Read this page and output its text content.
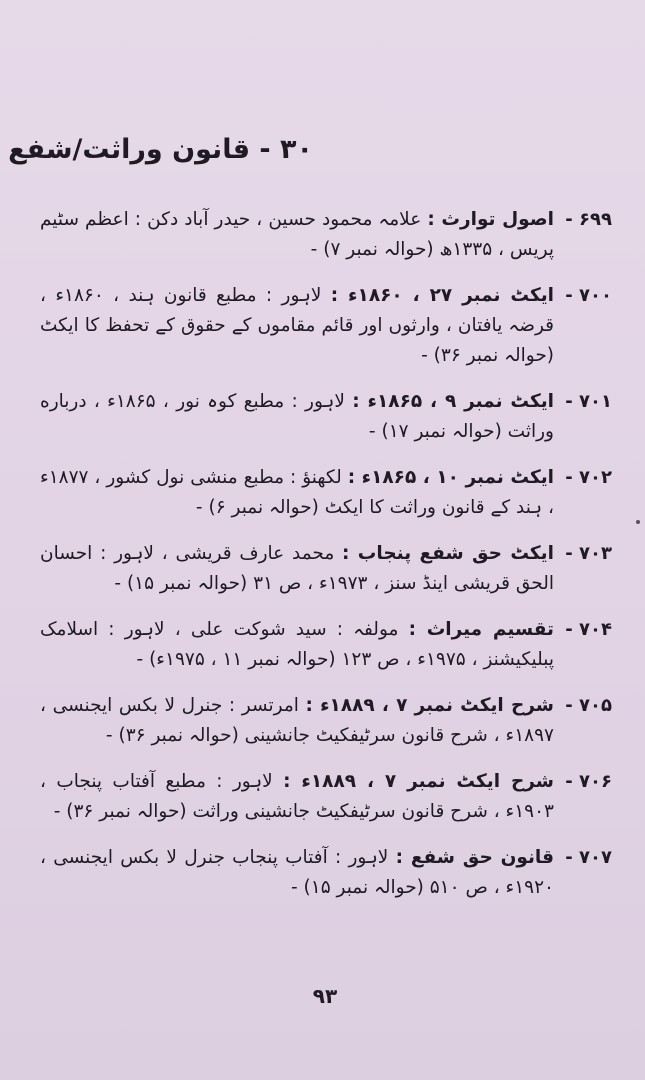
۳۰ - قانون وراثت/شفع
۶۹۹ -
اصول توارث : علامہ محمود حسین ، حیدر آباد دکن : اعظم سٹیم پریس ، ۱۳۳۵ھ (حوالہ نمبر ۷) -
۷۰۰ -
ایکٹ نمبر ۲۷ ، ۱۸۶۰ء : لاہور : مطبع قانون ہند ، ۱۸۶۰ء ، قرضہ یافتان ، وارثوں اور قائم مقاموں کے حقوق کے تحفظ کا ایکٹ (حوالہ نمبر ۳۶) -
۷۰۱ -
ایکٹ نمبر ۹ ، ۱۸۶۵ء : لاہور : مطبع کوہ نور ، ۱۸۶۵ء ، درباره وراثت (حوالہ نمبر ۱۷) -
۷۰۲ -
ایکٹ نمبر ۱۰ ، ۱۸۶۵ء : لکھنؤ : مطبع منشی نول کشور ، ۱۸۷۷ء ، ہند کے قانون وراثت کا ایکٹ (حوالہ نمبر ۶) -
۷۰۳ -
ایکٹ حق شفع پنجاب : محمد عارف قریشی ، لاہور : احسان الحق قریشی اینڈ سنز ، ۱۹۷۳ء ، ص ۳۱ (حوالہ نمبر ۱۵) -
۷۰۴ -
تقسیم میراث : مولفہ : سید شوکت علی ، لاہور : اسلامک پبلیکیشنز ، ۱۹۷۵ء ، ص ۱۲۳ (حوالہ نمبر ۱۱ ، ۱۹۷۵ء) -
۷۰۵ -
شرح ایکٹ نمبر ۷ ، ۱۸۸۹ء : امرتسر : جنرل لا بکس ایجنسی ، ۱۸۹۷ء ، شرح قانون سرٹیفکیٹ جانشینی (حوالہ نمبر ۳۶) -
۷۰۶ -
شرح ایکٹ نمبر ۷ ، ۱۸۸۹ء : لاہور : مطبع آفتاب پنجاب ، ۱۹۰۳ء ، شرح قانون سرٹیفکیٹ جانشینی وراثت (حوالہ نمبر ۳۶) -
۷۰۷ -
قانون حق شفع : لاہور : آفتاب پنجاب جنرل لا بکس ایجنسی ، ۱۹۲۰ء ، ص ۵۱۰ (حوالہ نمبر ۱۵) -
۹۳
